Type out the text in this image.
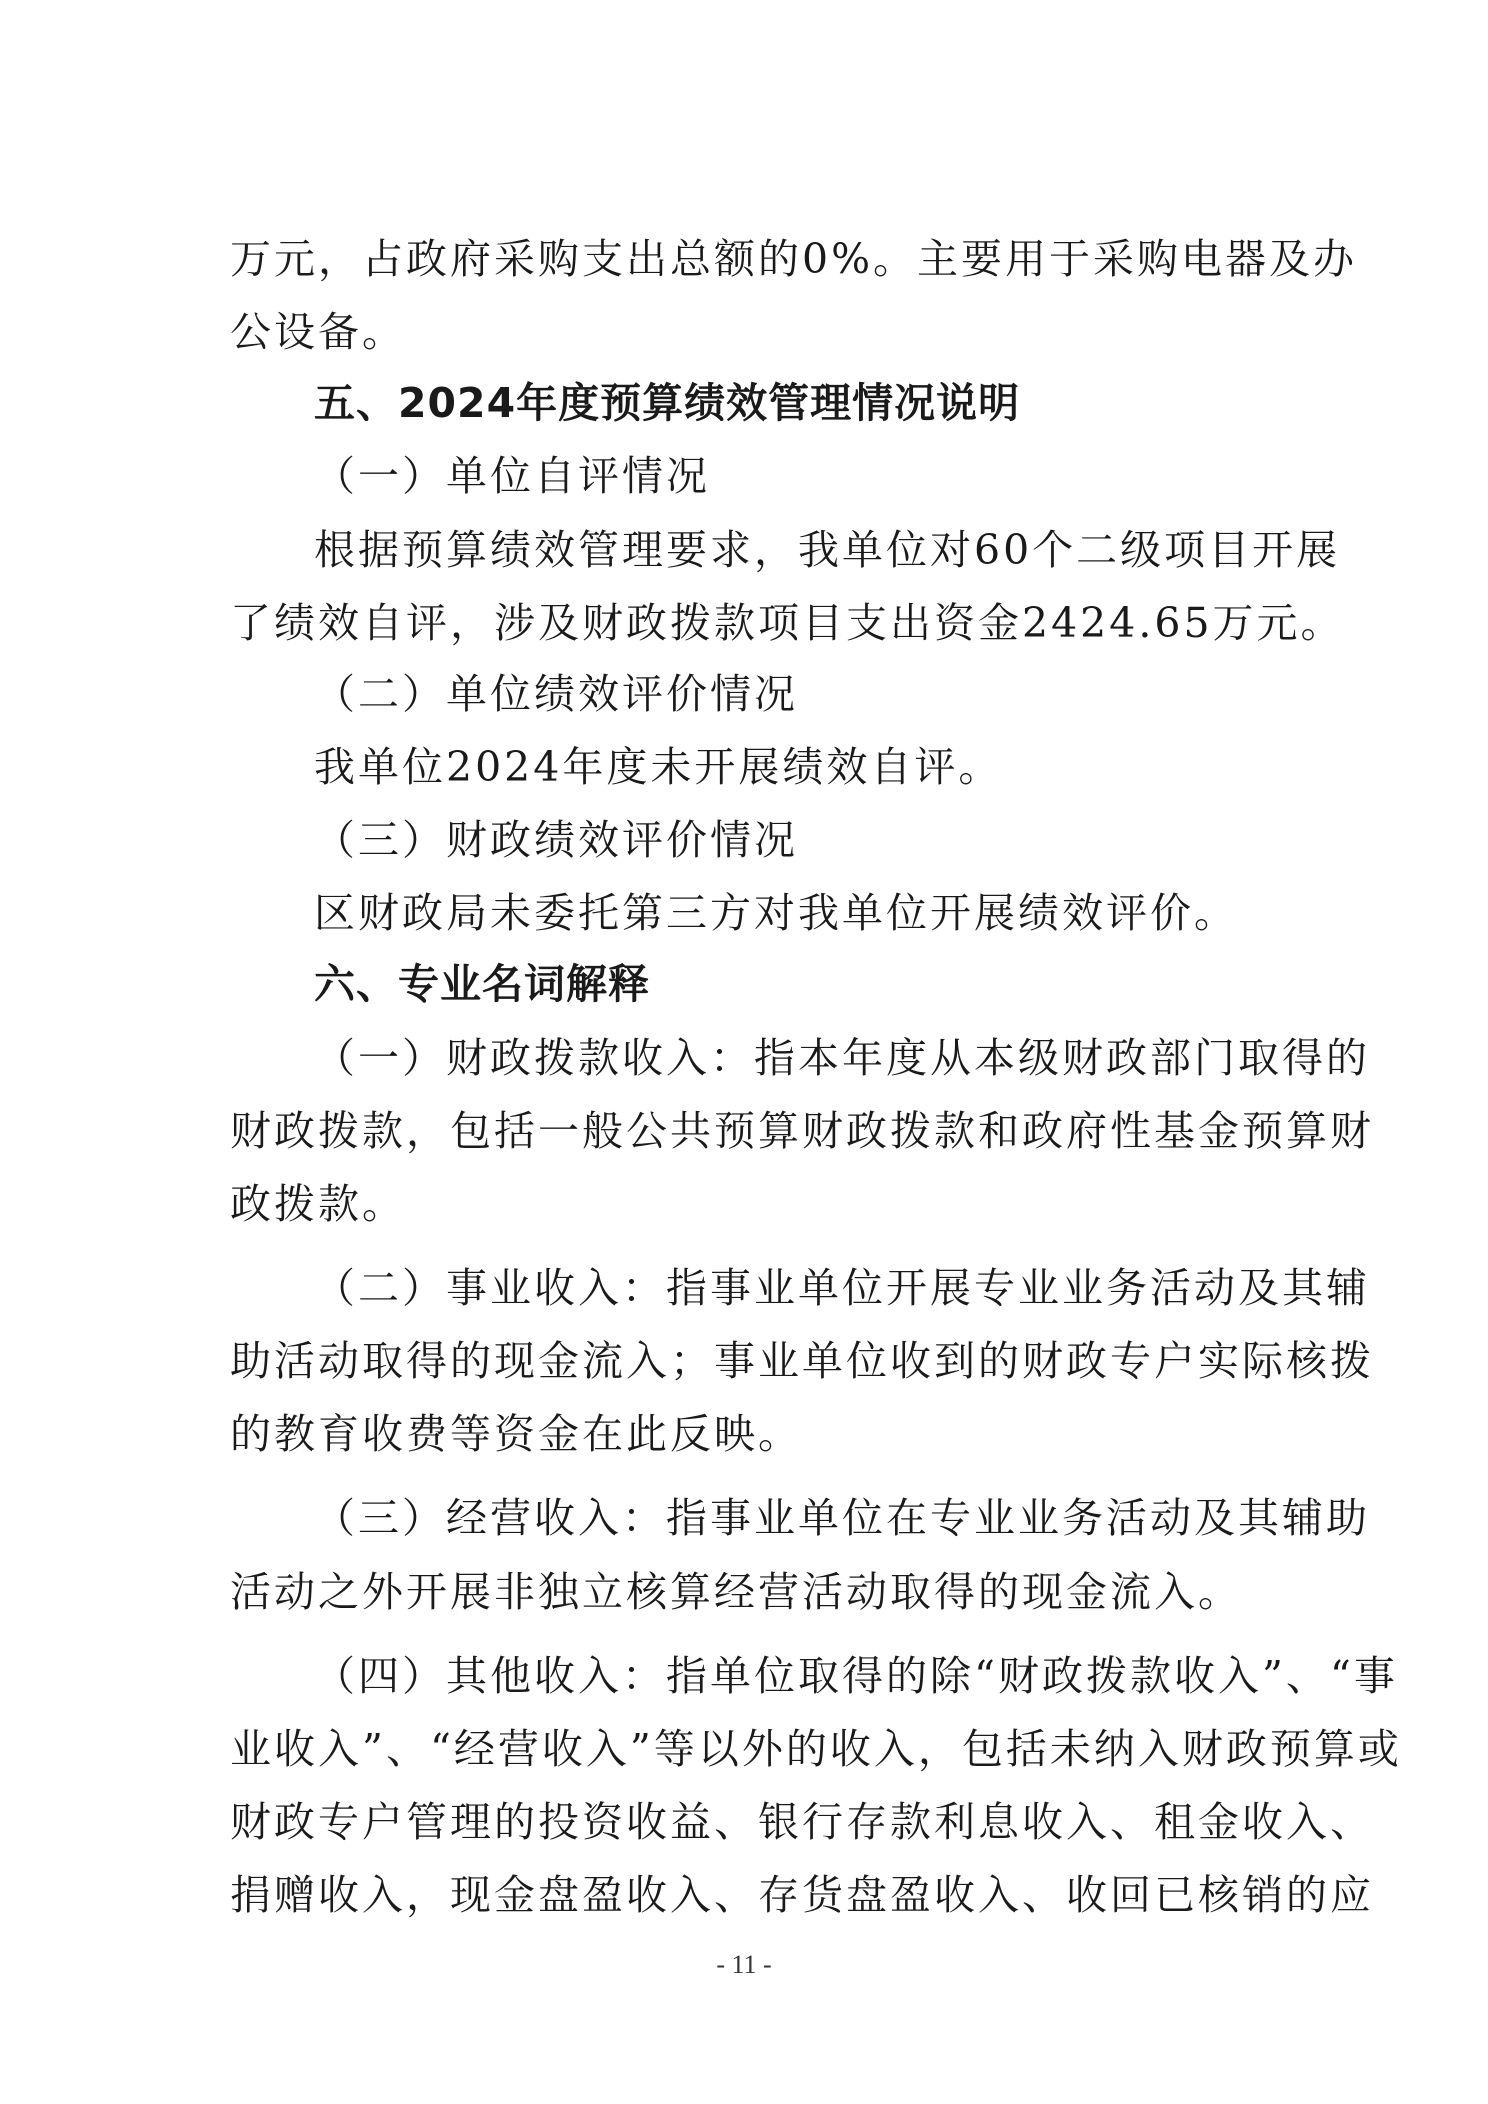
万元，占政府采购支出总额的0%。主要用于采购电器及办
公设备。
五、2024年度预算绩效管理情况说明
（一）单位自评情况
根据预算绩效管理要求，我单位对60个二级项目开展
了绩效自评，涉及财政拨款项目支出资金2424.65万元。
（二）单位绩效评价情况
我单位2024年度未开展绩效自评。
（三）财政绩效评价情况
区财政局未委托第三方对我单位开展绩效评价。
六、专业名词解释
（一）财政拨款收入：指本年度从本级财政部门取得的
财政拨款，包括一般公共预算财政拨款和政府性基金预算财
政拨款。
（二）事业收入：指事业单位开展专业业务活动及其辅
助活动取得的现金流入；事业单位收到的财政专户实际核拨
的教育收费等资金在此反映。
（三）经营收入：指事业单位在专业业务活动及其辅助
活动之外开展非独立核算经营活动取得的现金流入。
（四）其他收入：指单位取得的除“财政拨款收入”、“事
业收入”、“经营收入”等以外的收入，包括未纳入财政预算或
财政专户管理的投资收益、银行存款利息收入、租金收入、
捐赠收入，现金盘盈收入、存货盘盈收入、收回已核销的应
- 11 -
